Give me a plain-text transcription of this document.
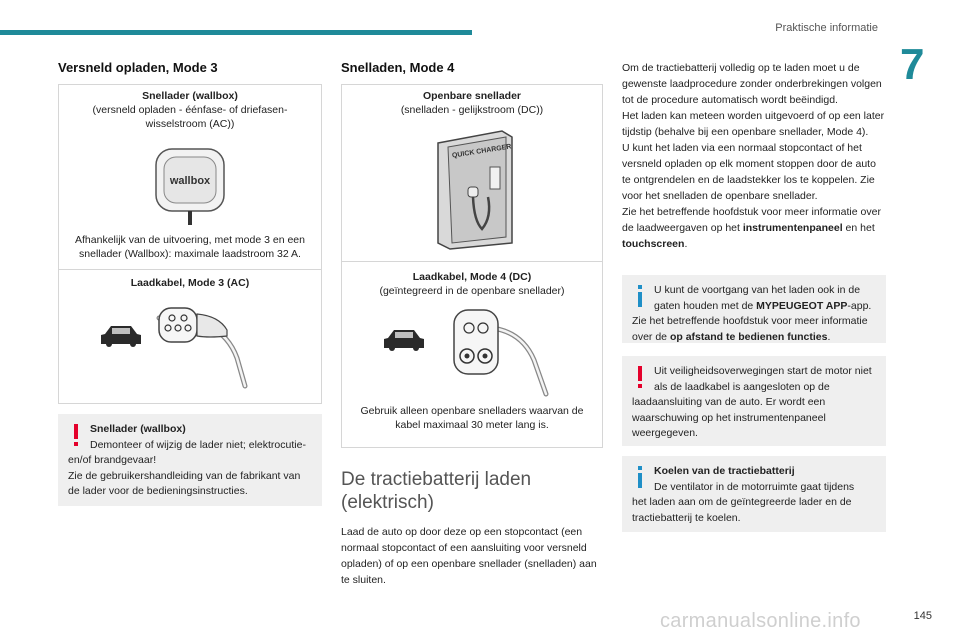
Praktische informatie
7
Versneld opladen, Mode 3
Snellader (wallbox)
(versneld opladen - éénfase- of driefasen-wisselstroom (AC))
wallbox
Afhankelijk van de uitvoering, met mode 3 en een snellader (Wallbox): maximale laadstroom 32 A.
Laadkabel, Mode 3 (AC)
Snellader (wallbox)
Demonteer of wijzig de lader niet; elektrocutie-
en/of brandgevaar!
Zie de gebruikershandleiding van de fabrikant van de lader voor de bedieningsinstructies.
Snelladen, Mode 4
Openbare snellader
(snelladen - gelijkstroom (DC))
QUICK CHARGER
Laadkabel, Mode 4 (DC)
(geïntegreerd in de openbare snellader)
Gebruik alleen openbare snelladers waarvan de kabel maximaal 30 meter lang is.
De tractiebatterij laden (elektrisch)
Laad de auto op door deze op een stopcontact (een normaal stopcontact of een aansluiting voor versneld opladen) of op een openbare snellader (snelladen) aan te sluiten.
Om de tractiebatterij volledig op te laden moet u de gewenste laadprocedure zonder onderbrekingen volgen tot de procedure automatisch wordt beëindigd.
Het laden kan meteen worden uitgevoerd of op een later tijdstip (behalve bij een openbare snellader, Mode 4).
U kunt het laden via een normaal stopcontact of het versneld opladen op elk moment stoppen door de auto te ontgrendelen en de laadstekker los te koppelen. Zie voor het snelladen de openbare snellader.
Zie het betreffende hoofdstuk voor meer informatie over de laadweergaven op het instrumentenpaneel en het touchscreen.
U kunt de voortgang van het laden ook in de
gaten houden met de MYPEUGEOT APP-app.
Zie het betreffende hoofdstuk voor meer informatie over de op afstand te bedienen functies.
Uit veiligheidsoverwegingen start de motor niet
als de laadkabel is aangesloten op de
laadaansluiting van de auto. Er wordt een waarschuwing op het instrumentenpaneel weergegeven.
Koelen van de tractiebatterij
De ventilator in de motorruimte gaat tijdens
het laden aan om de geïntegreerde lader en de tractiebatterij te koelen.
carmanualsonline.info	145
